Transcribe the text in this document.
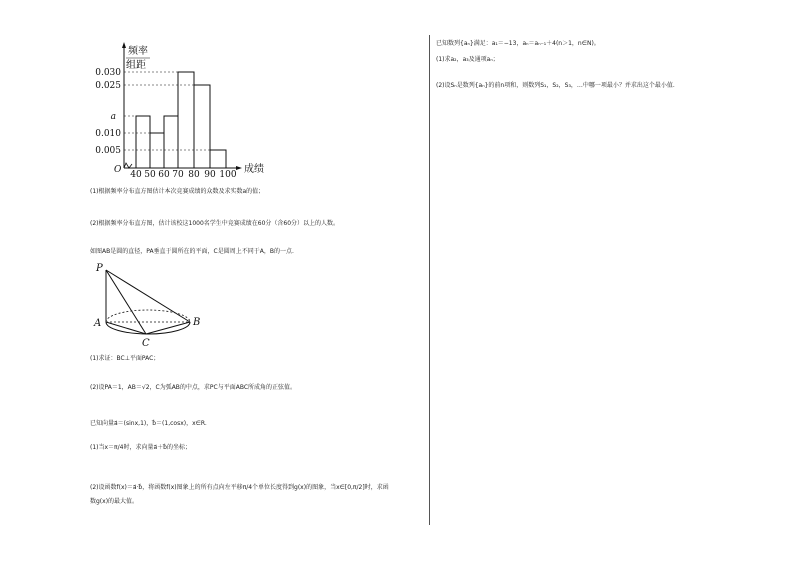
频率
组距
0.030
0.025
a
0.010
0.005
O 40 50 60 70 80 90 100 成绩
(1)根据频率分布直方图估计本次竞赛成绩的众数及求实数a的值；
(2)根据频率分布直方图，估计该校这1000名学生中竞赛成绩在60分（含60分）以上的人数。
如图AB是圆的直径，PA垂直于圆所在的平面，C是圆周上不同于A，B的一点.
P
A	B
C
(1)求证：BC⊥平面PAC；
(2)设PA＝1，AB＝√2，C为弧AB的中点，求PC与平面ABC所成角的正弦值。
已知向量a⃗＝(sinx,1)，b⃗＝(1,cosx)，x∈R.
(1)当x＝π/4时，求向量a⃗＋b⃗的坐标；
(2)设函数f(x)＝a⃗·b⃗，将函数f(x)图象上的所有点向左平移π/4个单位长度得到g(x)的图象，当x∈[0,π/2]时，求函
数g(x)的最大值。
已知数列{aₙ}满足：a₁＝−13，aₙ＝aₙ₋₁＋4(n＞1，n∈N)。
(1)求a₂，a₃及通项aₙ；
(2)设Sₙ是数列{aₙ}的前n项和，则数列S₁，S₂，S₃，…中哪一项最小？并求出这个最小值.
